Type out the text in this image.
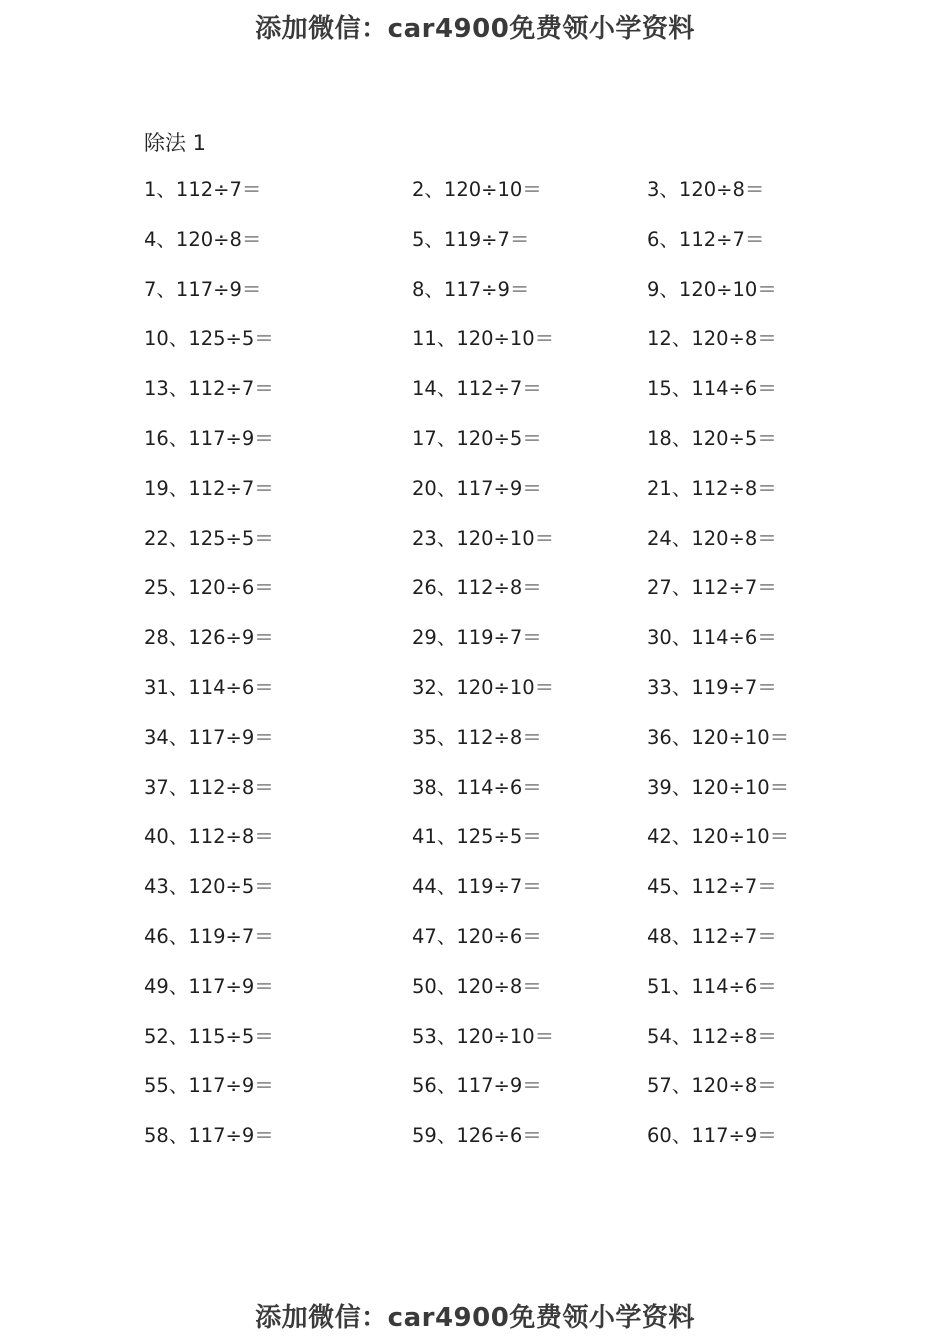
添加微信：car4900免费领小学资料

除法 1
1、112÷7＝	2、120÷10＝	3、120÷8＝
4、120÷8＝	5、119÷7＝	6、112÷7＝
7、117÷9＝	8、117÷9＝	9、120÷10＝
10、125÷5＝	11、120÷10＝	12、120÷8＝
13、112÷7＝	14、112÷7＝	15、114÷6＝
16、117÷9＝	17、120÷5＝	18、120÷5＝
19、112÷7＝	20、117÷9＝	21、112÷8＝
22、125÷5＝	23、120÷10＝	24、120÷8＝
25、120÷6＝	26、112÷8＝	27、112÷7＝
28、126÷9＝	29、119÷7＝	30、114÷6＝
31、114÷6＝	32、120÷10＝	33、119÷7＝
34、117÷9＝	35、112÷8＝	36、120÷10＝
37、112÷8＝	38、114÷6＝	39、120÷10＝
40、112÷8＝	41、125÷5＝	42、120÷10＝
43、120÷5＝	44、119÷7＝	45、112÷7＝
46、119÷7＝	47、120÷6＝	48、112÷7＝
49、117÷9＝	50、120÷8＝	51、114÷6＝
52、115÷5＝	53、120÷10＝	54、112÷8＝
55、117÷9＝	56、117÷9＝	57、120÷8＝
58、117÷9＝	59、126÷6＝	60、117÷9＝

添加微信：car4900免费领小学资料
